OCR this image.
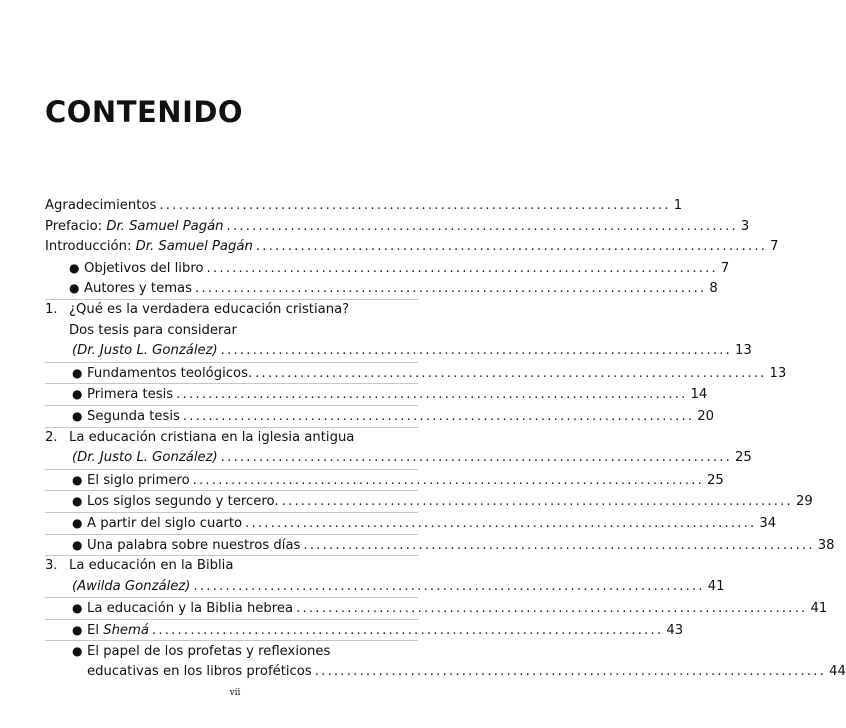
CONTENIDO
Agradecimientos ................................................................................ 1
Prefacio: Dr. Samuel Pagán ................................................................................ 3
Introducción: Dr. Samuel Pagán ................................................................................ 7
● Objetivos del libro ................................................................................ 7
● Autores y temas ................................................................................ 8
1. ¿Qué es la verdadera educación cristiana?
Dos tesis para considerar
(Dr. Justo L. González) ................................................................................ 13
● Fundamentos teológicos. ................................................................................ 13
● Primera tesis ................................................................................ 14
● Segunda tesis ................................................................................ 20
2. La educación cristiana en la iglesia antigua
(Dr. Justo L. González) ................................................................................ 25
● El siglo primero ................................................................................ 25
● Los siglos segundo y tercero. ................................................................................ 29
● A partir del siglo cuarto ................................................................................ 34
● Una palabra sobre nuestros días ................................................................................ 38
3. La educación en la Biblia
(Awilda González) ................................................................................ 41
● La educación y la Biblia hebrea ................................................................................ 41
● El Shemá ................................................................................ 43
● El papel de los profetas y reflexiones
educativas en los libros proféticos ................................................................................ 44
vii
